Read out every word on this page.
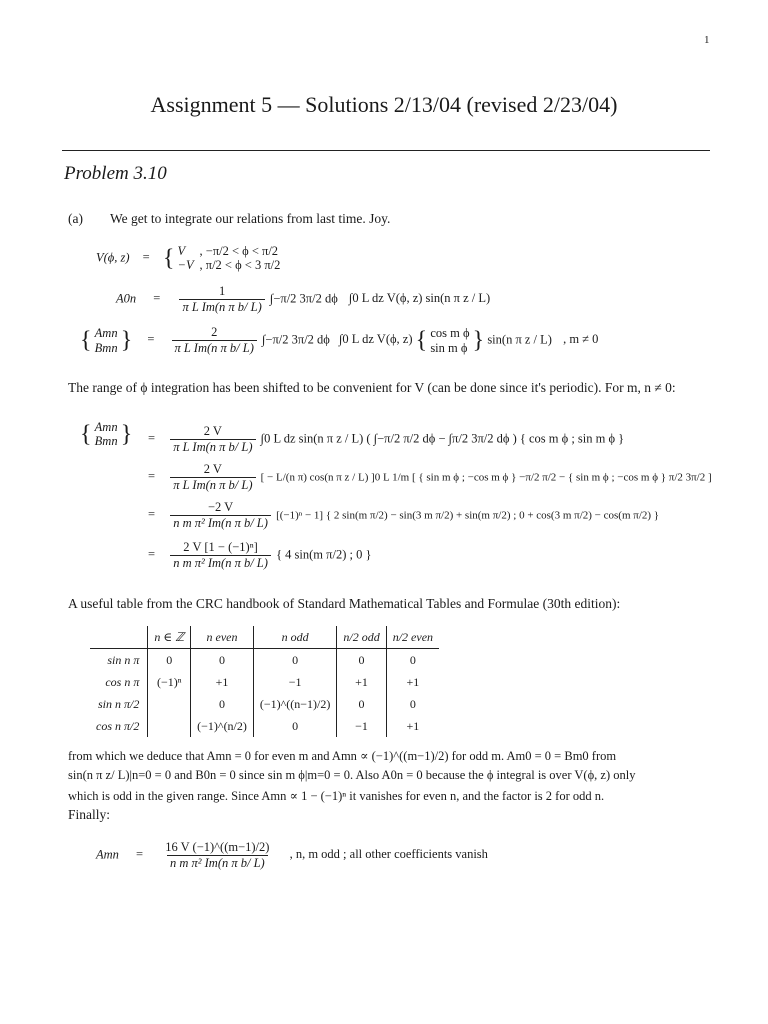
1
Assignment 5 — Solutions 2/13/04 (revised 2/23/04)
Problem 3.10
(a) We get to integrate our relations from last time. Joy.
V(ϕ, z) = { V , −π/2 < ϕ < π/2
−V , π/2 < ϕ < 3 π/2
$A0n = \frac{1}{\text{π L Im(n π b/ L)}} \int-\pi/2$ 3π/2 dϕ ∫0 L dz V(ϕ, z) sin(n π z / L)
{ Amn
Bmn } = $\frac{2}{\text{π L Im(n π b/ L)}} \int-\pi/2$ 3π/2 dϕ ∫0 L dz V(ϕ, z) { cos m ϕ
sin m ϕ } sin(n π z / L) , m ≠ 0
The range of ϕ integration has been shifted to be convenient for V (can be done since it's periodic). For m, n ≠ 0:
{ Amn
Bmn } = $\frac{2 V}{\text{π L Im(n π b/ L)}} \int 0$ L dz sin(n π z / L) ( ∫−π/2 π/2 dϕ − ∫π/2 3π/2 dϕ ) { cos m ϕ ; sin m ϕ }
= $\frac{2 V}{\text{π L Im(n π b/ L)}}$ [ − L/(n π) cos(n π z / L) ]0 L 1/m [ { sin m ϕ ; −cos m ϕ } −π/2 π/2 − { sin m ϕ ; −cos m ϕ } π/2 3π/2 ]
= $\frac{-2 V}{\text{n m π² Im(n π b/ L)}} [(-1)^n - 1]$ { 2 sin(m π/2) − sin(3 m π/2) + sin(m π/2) ; 0 + cos(3 m π/2) − cos(m π/2) }
= $\frac{\text{2 V [1 − (−1)ⁿ]}}{\text{n m π² Im(n π b/ L)}}$ { 4 sin(m π/2) ; 0 }
A useful table from the CRC handbook of Standard Mathematical Tables and Formulae (30th edition):
	n ∈ ℤ	n even	n odd	n/2 odd	n/2 even
sin n π	0	0	0	0	0
cos n π	(−1)ⁿ	+1	−1	+1	+1
sin n π/2		0	(−1)^((n−1)/2)	0	0
cos n π/2		(−1)^(n/2)	0	−1	+1
from which we deduce that Amn = 0 for even m and Amn ∝ (−1)^((m−1)/2) for odd m. Am0 = 0 = Bm0 from
sin(n π z/ L)|n=0 = 0 and B0n = 0 since sin m ϕ|m=0 = 0. Also A0n = 0 because the ϕ integral is over V(ϕ, z) only
which is odd in the given range. Since Amn ∝ 1 − (−1)ⁿ it vanishes for even n, and the factor is 2 for odd n.
Finally:
Amn = $\frac{16 V (-1)\^{}((m-1)/2)}{\text{n m π² Im(n π b/ L)}}$ , n, m odd ; all other coefficients vanish
